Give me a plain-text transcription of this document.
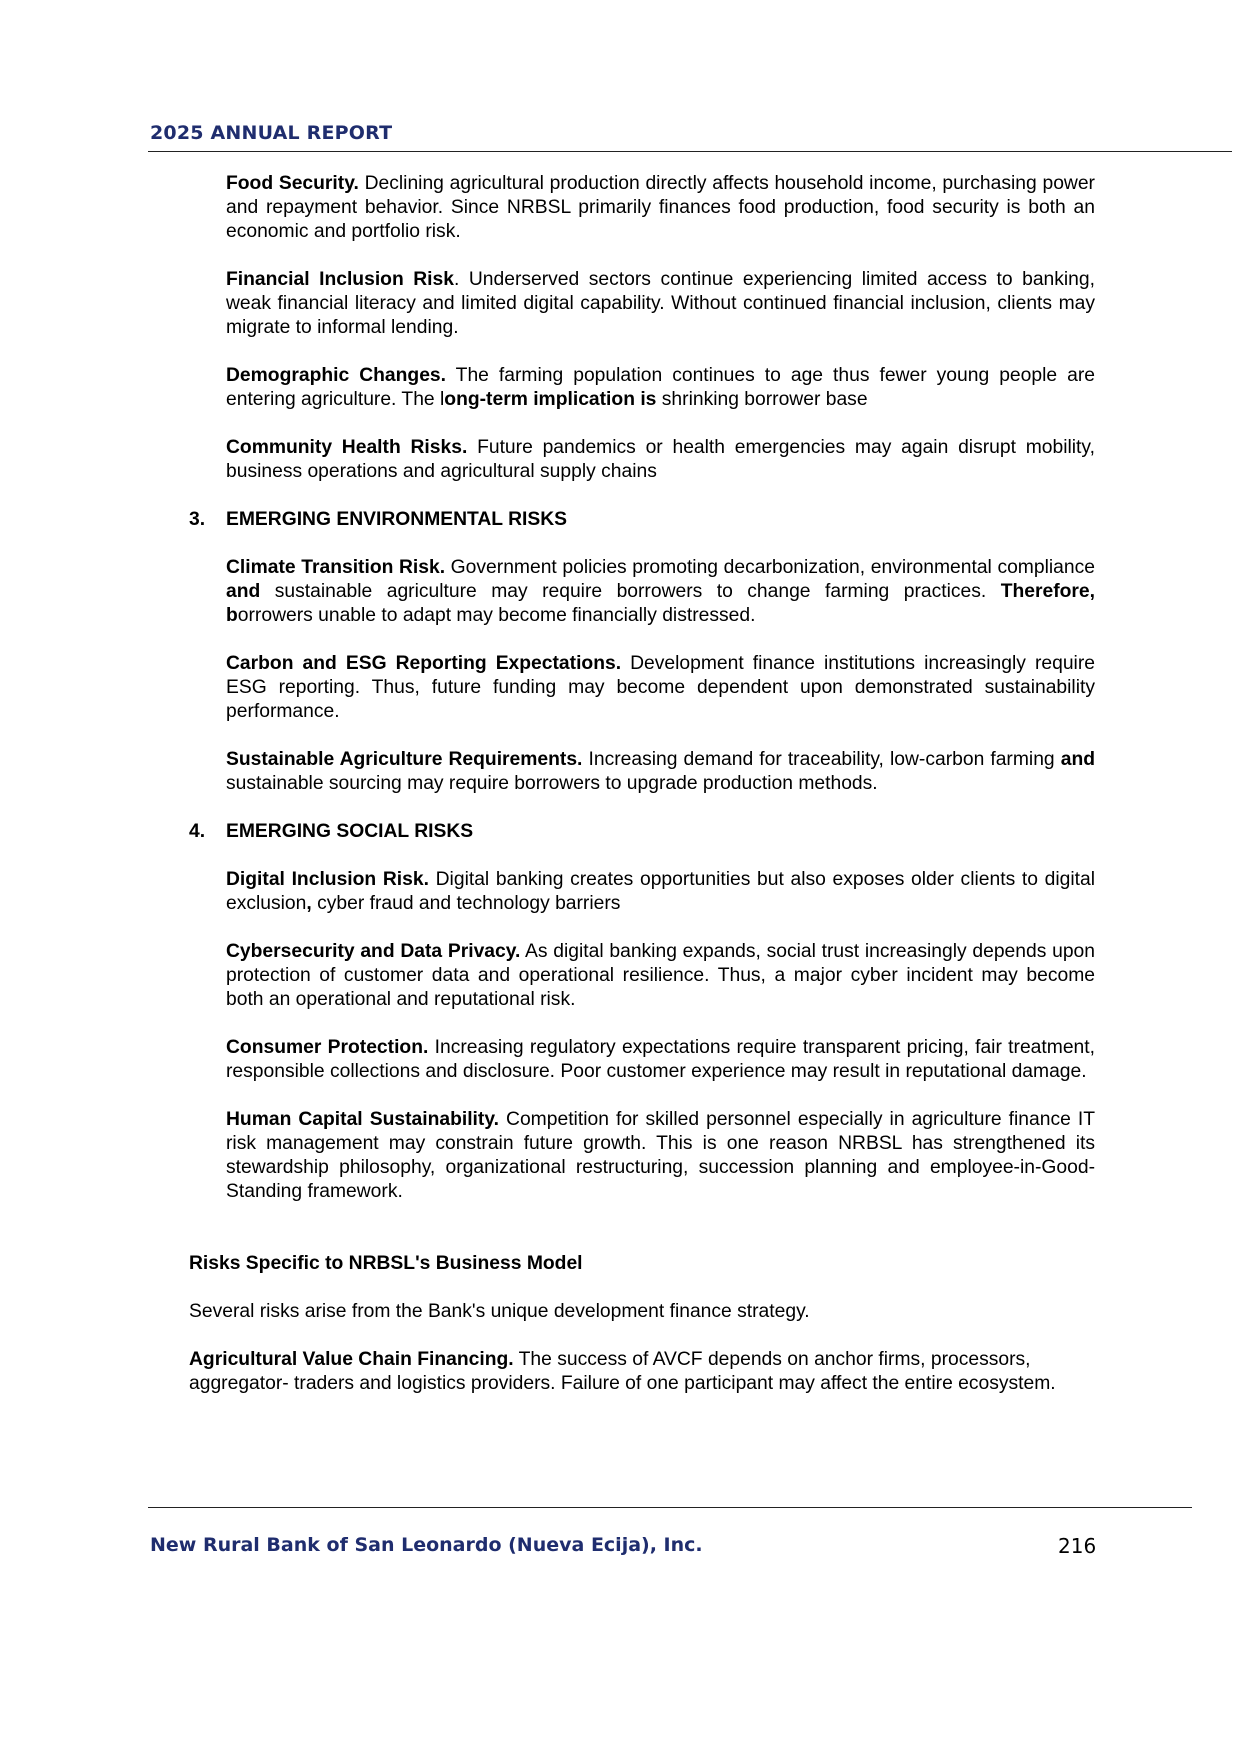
2025 ANNUAL REPORT
Food Security. Declining agricultural production directly affects household income, purchasing power and repayment behavior. Since NRBSL primarily finances food production, food security is both an economic and portfolio risk.
Financial Inclusion Risk. Underserved sectors continue experiencing limited access to banking, weak financial literacy and limited digital capability. Without continued financial inclusion, clients may migrate to informal lending.
Demographic Changes. The farming population continues to age thus fewer young people are entering agriculture. The long-term implication is shrinking borrower base
Community Health Risks. Future pandemics or health emergencies may again disrupt mobility, business operations and agricultural supply chains
3. EMERGING ENVIRONMENTAL RISKS
Climate Transition Risk. Government policies promoting decarbonization, environmental compliance and sustainable agriculture may require borrowers to change farming practices. Therefore, borrowers unable to adapt may become financially distressed.
Carbon and ESG Reporting Expectations. Development finance institutions increasingly require ESG reporting. Thus, future funding may become dependent upon demonstrated sustainability performance.
Sustainable Agriculture Requirements. Increasing demand for traceability, low-carbon farming and sustainable sourcing may require borrowers to upgrade production methods.
4. EMERGING SOCIAL RISKS
Digital Inclusion Risk. Digital banking creates opportunities but also exposes older clients to digital exclusion, cyber fraud and technology barriers
Cybersecurity and Data Privacy. As digital banking expands, social trust increasingly depends upon protection of customer data and operational resilience. Thus, a major cyber incident may become both an operational and reputational risk.
Consumer Protection. Increasing regulatory expectations require transparent pricing, fair treatment, responsible collections and disclosure. Poor customer experience may result in reputational damage.
Human Capital Sustainability. Competition for skilled personnel especially in agriculture finance IT risk management may constrain future growth. This is one reason NRBSL has strengthened its stewardship philosophy, organizational restructuring, succession planning and employee-in-Good-Standing framework.
Risks Specific to NRBSL's Business Model
Several risks arise from the Bank's unique development finance strategy.
Agricultural Value Chain Financing. The success of AVCF depends on anchor firms, processors, aggregator- traders and logistics providers. Failure of one participant may affect the entire ecosystem.
New Rural Bank of San Leonardo (Nueva Ecija), Inc.	216
